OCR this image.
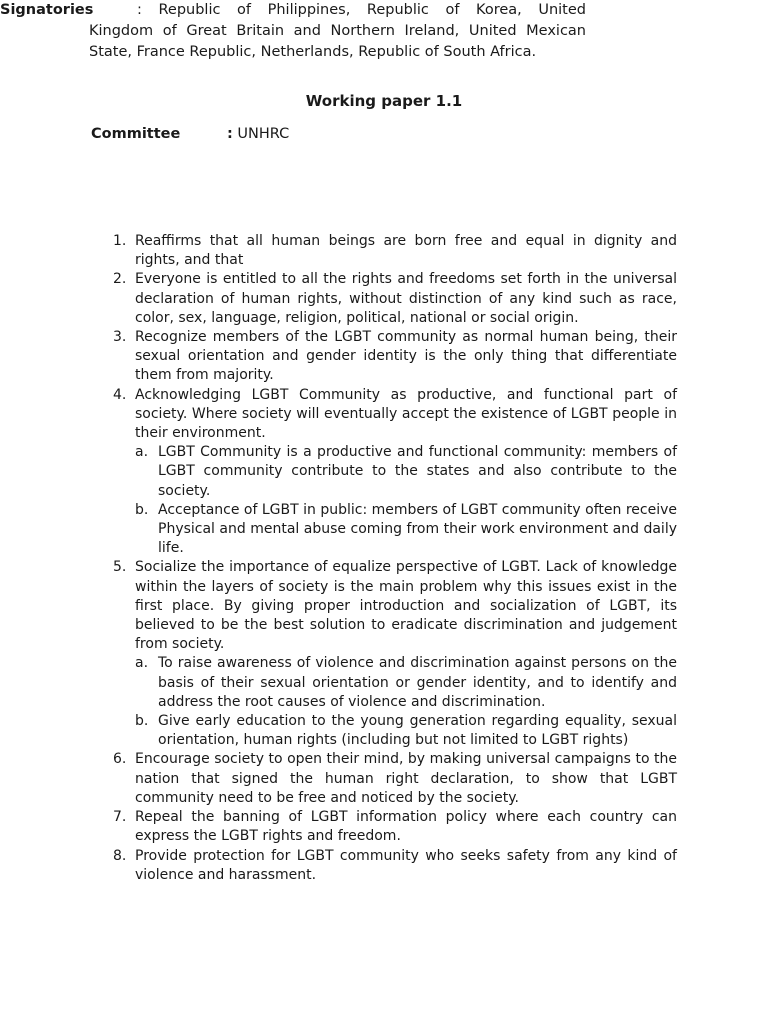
Working paper 1.1
Committee	: UNHRC
Signatories	: Republic of Philippines, Republic of Korea, United
Kingdom of Great Britain and Northern Ireland, United Mexican State, France Republic, Netherlands, Republic of South Africa.
1. Reaffirms that all human beings are born free and equal in dignity and rights, and that
2. Everyone is entitled to all the rights and freedoms set forth in the universal declaration of human rights, without distinction of any kind such as race, color, sex, language, religion, political, national or social origin.
3. Recognize members of the LGBT community as normal human being, their sexual orientation and gender identity is the only thing that differentiate them from majority.
4. Acknowledging LGBT Community as productive, and functional part of society. Where society will eventually accept the existence of LGBT people in their environment.
a. LGBT Community is a productive and functional community: members of LGBT community contribute to the states and also contribute to the society.
b. Acceptance of LGBT in public: members of LGBT community often receive Physical and mental abuse coming from their work environment and daily life.
5. Socialize the importance of equalize perspective of LGBT. Lack of knowledge within the layers of society is the main problem why this issues exist in the first place. By giving proper introduction and socialization of LGBT, its believed to be the best solution to eradicate discrimination and judgement from society.
a. To raise awareness of violence and discrimination against persons on the basis of their sexual orientation or gender identity, and to identify and address the root causes of violence and discrimination.
b. Give early education to the young generation regarding equality, sexual orientation, human rights (including but not limited to LGBT rights)
6. Encourage society to open their mind, by making universal campaigns to the nation that signed the human right declaration, to show that LGBT community need to be free and noticed by the society.
7. Repeal the banning of LGBT information policy where each country can express the LGBT rights and freedom.
8. Provide protection for LGBT community who seeks safety from any kind of violence and harassment.
